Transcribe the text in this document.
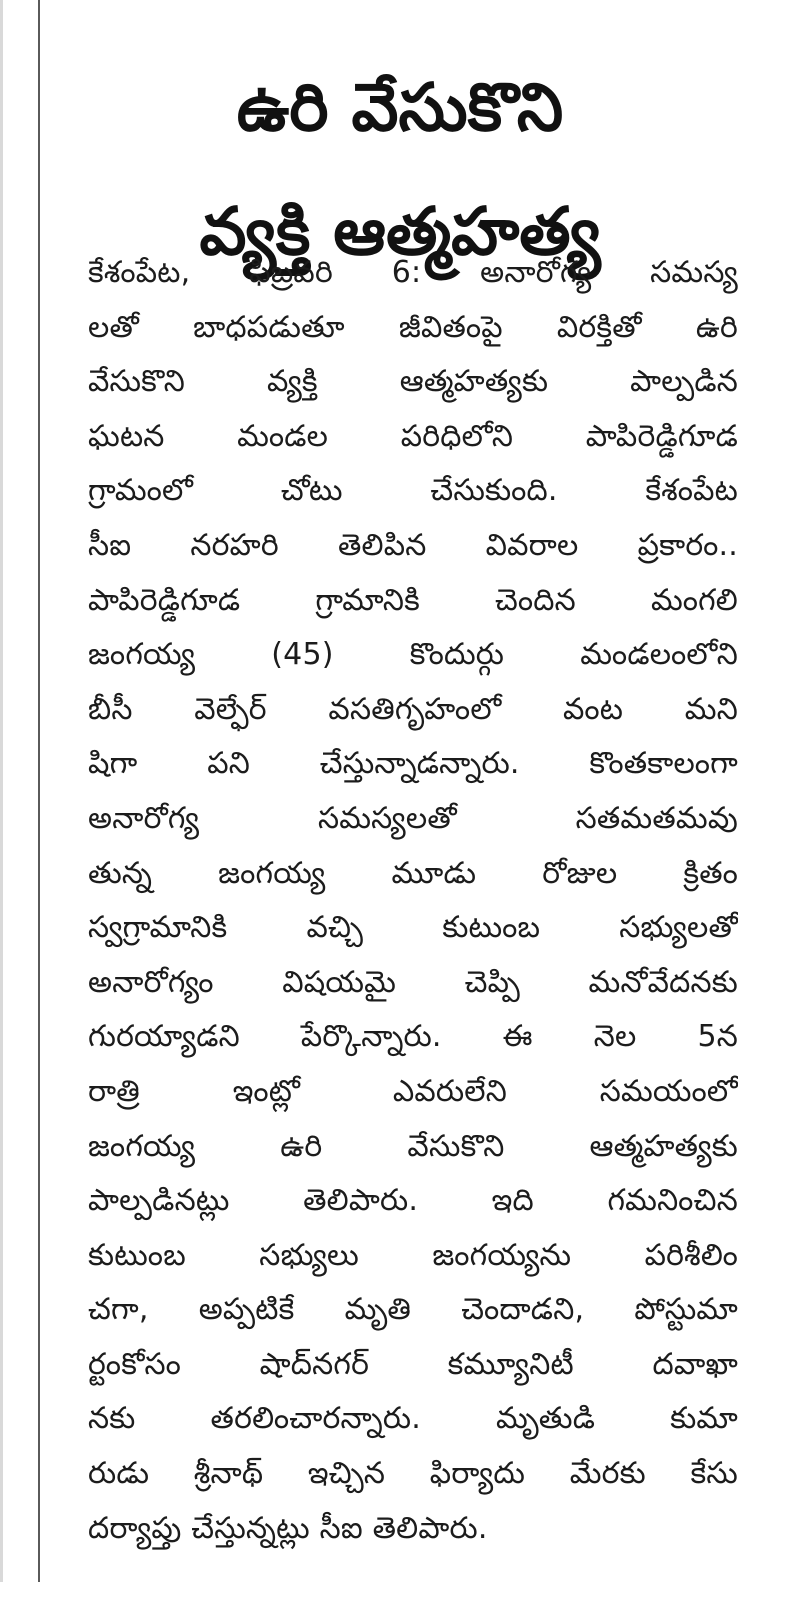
ఉరి వేసుకొని
వ్యక్తి ఆత్మహత్య
కేశంపేట, ఫిబ్రవరి 6: అనారోగ్య సమస్య
లతో బాధపడుతూ జీవితంపై విరక్తితో ఉరి
వేసుకొని వ్యక్తి ఆత్మహత్యకు పాల్పడిన
ఘటన మండల పరిధిలోని పాపిరెడ్డిగూడ
గ్రామంలో చోటు చేసుకుంది. కేశంపేట
సీఐ నరహరి తెలిపిన వివరాల ప్రకారం..
పాపిరెడ్డిగూడ గ్రామానికి చెందిన మంగలి
జంగయ్య (45) కొందుర్గు మండలంలోని
బీసీ వెల్ఫేర్ వసతిగృహంలో వంట మని
షిగా పని చేస్తున్నాడన్నారు. కొంతకాలంగా
అనారోగ్య సమస్యలతో సతమతమవు
తున్న జంగయ్య మూడు రోజుల క్రితం
స్వగ్రామానికి వచ్చి కుటుంబ సభ్యులతో
అనారోగ్యం విషయమై చెప్పి మనోవేదనకు
గురయ్యాడని పేర్కొన్నారు. ఈ నెల 5న
రాత్రి ఇంట్లో ఎవరులేని సమయంలో
జంగయ్య ఉరి వేసుకొని ఆత్మహత్యకు
పాల్పడినట్లు తెలిపారు. ఇది గమనించిన
కుటుంబ సభ్యులు జంగయ్యను పరిశీలిం
చగా, అప్పటికే మృతి చెందాడని, పోస్టుమా
ర్టంకోసం షాద్‌నగర్ కమ్యూనిటీ దవాఖా
నకు తరలించారన్నారు. మృతుడి కుమా
రుడు శ్రీనాథ్ ఇచ్చిన ఫిర్యాదు మేరకు కేసు
దర్యాప్తు చేస్తున్నట్లు సీఐ తెలిపారు.
